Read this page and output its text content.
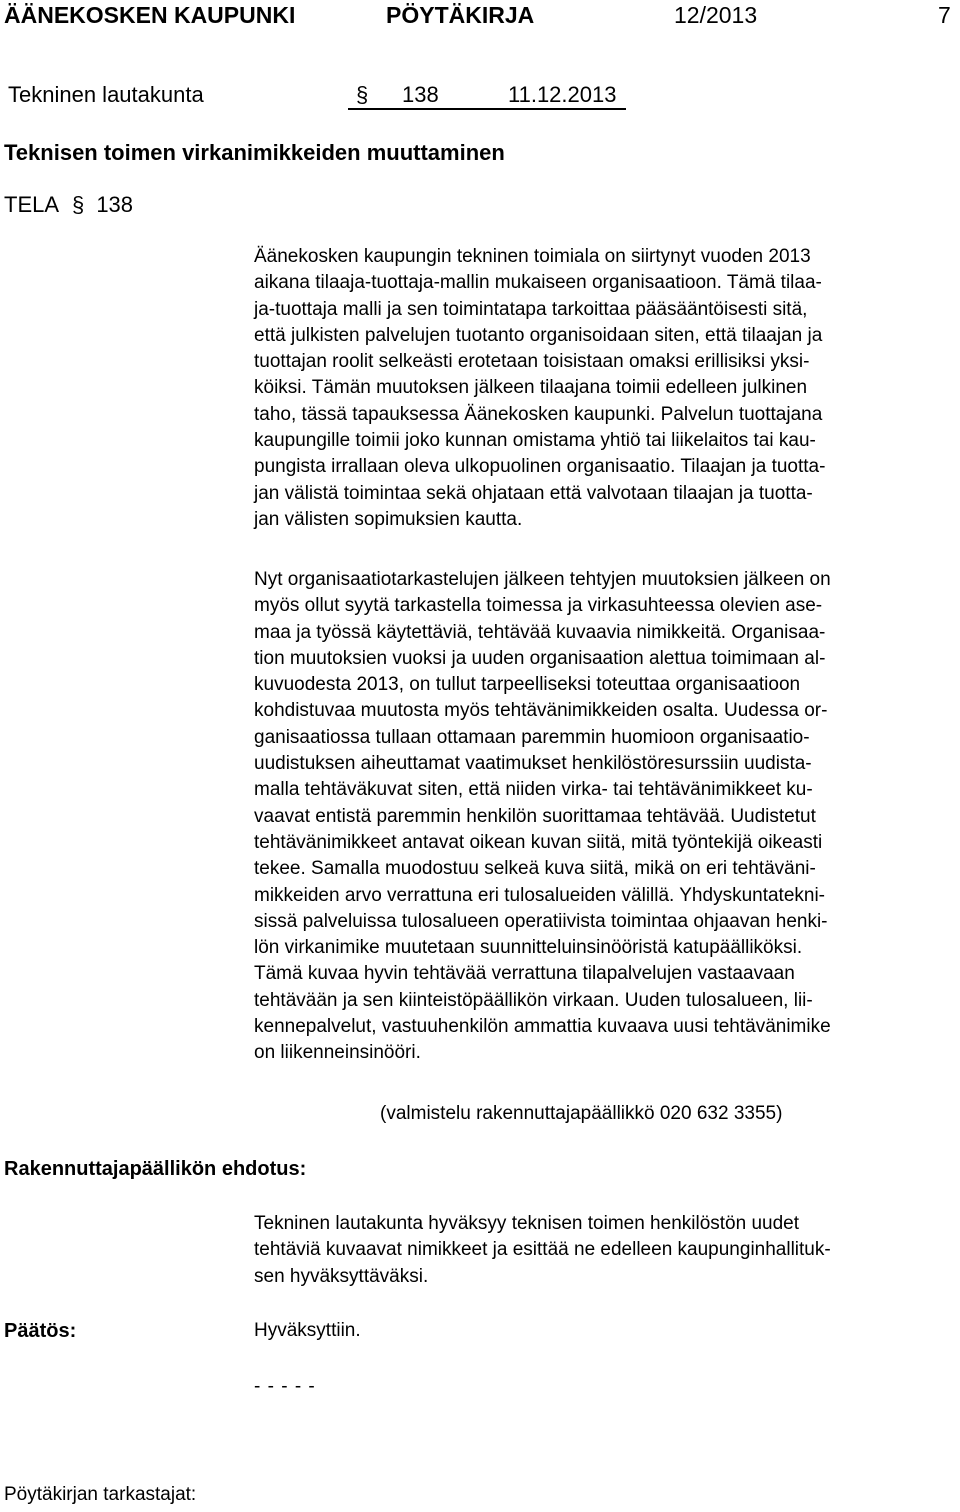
ÄÄNEKOSKEN KAUPUNKI	PÖYTÄKIRJA	12/2013	7
Tekninen lautakunta	§ 138	11.12.2013
Teknisen toimen virkanimikkeiden muuttaminen
TELA § 138
Äänekosken kaupungin tekninen toimiala on siirtynyt vuoden 2013
aikana tilaaja-tuottaja-mallin mukaiseen organisaatioon. Tämä tilaa-
ja-tuottaja malli ja sen toimintatapa tarkoittaa pääsääntöisesti sitä,
että julkisten palvelujen tuotanto organisoidaan siten, että tilaajan ja
tuottajan roolit selkeästi erotetaan toisistaan omaksi erillisiksi yksi-
köiksi. Tämän muutoksen jälkeen tilaajana toimii edelleen julkinen
taho, tässä tapauksessa Äänekosken kaupunki. Palvelun tuottajana
kaupungille toimii joko kunnan omistama yhtiö tai liikelaitos tai kau-
pungista irrallaan oleva ulkopuolinen organisaatio. Tilaajan ja tuotta-
jan välistä toimintaa sekä ohjataan että valvotaan tilaajan ja tuotta-
jan välisten sopimuksien kautta.
Nyt organisaatiotarkastelujen jälkeen tehtyjen muutoksien jälkeen on
myös ollut syytä tarkastella toimessa ja virkasuhteessa olevien ase-
maa ja työssä käytettäviä, tehtävää kuvaavia nimikkeitä. Organisaa-
tion muutoksien vuoksi ja uuden organisaation alettua toimimaan al-
kuvuodesta 2013, on tullut tarpeelliseksi toteuttaa organisaatioon
kohdistuvaa muutosta myös tehtävänimikkeiden osalta. Uudessa or-
ganisaatiossa tullaan ottamaan paremmin huomioon organisaatio-
uudistuksen aiheuttamat vaatimukset henkilöstöresurssiin uudista-
malla tehtäväkuvat siten, että niiden virka- tai tehtävänimikkeet ku-
vaavat entistä paremmin henkilön suorittamaa tehtävää. Uudistetut
tehtävänimikkeet antavat oikean kuvan siitä, mitä työntekijä oikeasti
tekee. Samalla muodostuu selkeä kuva siitä, mikä on eri tehtäväni-
mikkeiden arvo verrattuna eri tulosalueiden välillä. Yhdyskuntatekni-
sissä palveluissa tulosalueen operatiivista toimintaa ohjaavan henki-
lön virkanimike muutetaan suunnitteluinsinööristä katupäälliköksi.
Tämä kuvaa hyvin tehtävää verrattuna tilapalvelujen vastaavaan
tehtävään ja sen kiinteistöpäällikön virkaan. Uuden tulosalueen, lii-
kennepalvelut, vastuuhenkilön ammattia kuvaava uusi tehtävänimike
on liikenneinsinööri.
(valmistelu rakennuttajapäällikkö 020 632 3355)
Rakennuttajapäällikön ehdotus:
Tekninen lautakunta hyväksyy teknisen toimen henkilöstön uudet
tehtäviä kuvaavat nimikkeet ja esittää ne edelleen kaupunginhallituk-
sen hyväksyttäväksi.
Päätös:	Hyväksyttiin.
- - - - -
Pöytäkirjan tarkastajat:
